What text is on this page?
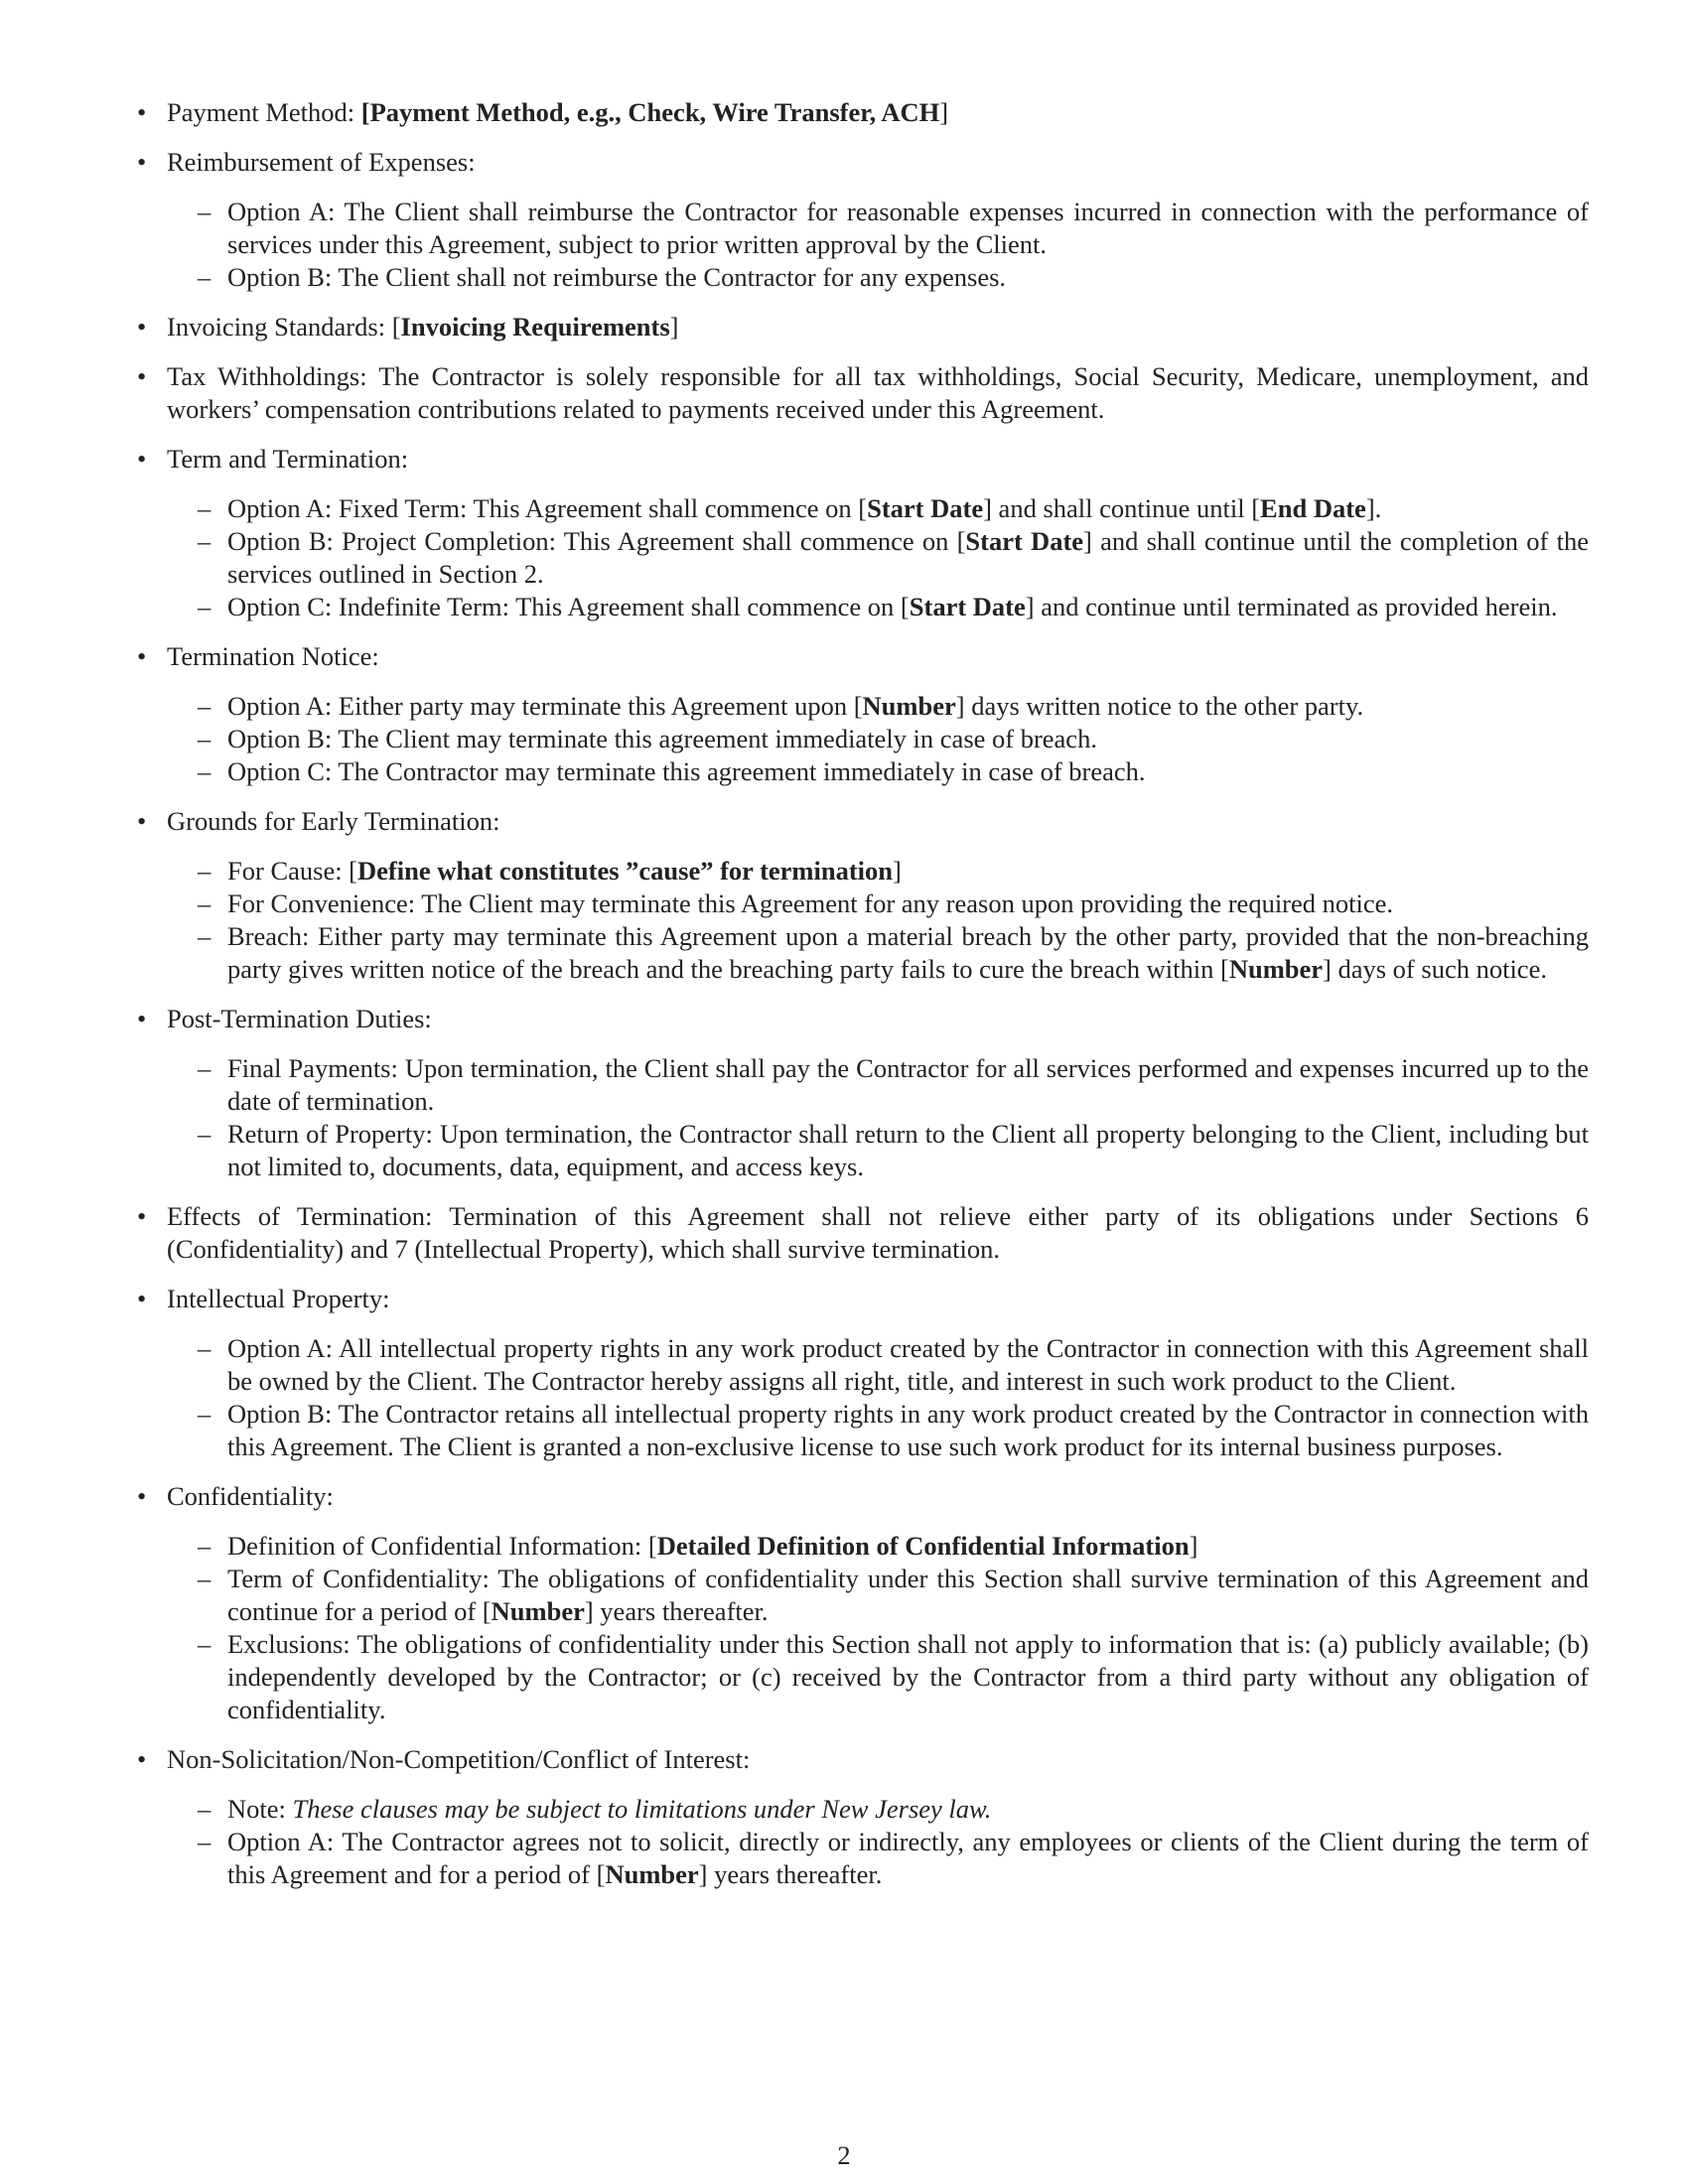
• Payment Method: [Payment Method, e.g., Check, Wire Transfer, ACH]
• Reimbursement of Expenses:
– Option A: The Client shall reimburse the Contractor for reasonable expenses incurred in connection with the performance of services under this Agreement, subject to prior written approval by the Client.
– Option B: The Client shall not reimburse the Contractor for any expenses.
• Invoicing Standards: [Invoicing Requirements]
• Tax Withholdings: The Contractor is solely responsible for all tax withholdings, Social Security, Medicare, unemployment, and workers’ compensation contributions related to payments received under this Agreement.
• Term and Termination:
– Option A: Fixed Term: This Agreement shall commence on [Start Date] and shall continue until [End Date].
– Option B: Project Completion: This Agreement shall commence on [Start Date] and shall continue until the completion of the services outlined in Section 2.
– Option C: Indefinite Term: This Agreement shall commence on [Start Date] and continue until terminated as provided herein.
• Termination Notice:
– Option A: Either party may terminate this Agreement upon [Number] days written notice to the other party.
– Option B: The Client may terminate this agreement immediately in case of breach.
– Option C: The Contractor may terminate this agreement immediately in case of breach.
• Grounds for Early Termination:
– For Cause: [Define what constitutes ”cause” for termination]
– For Convenience: The Client may terminate this Agreement for any reason upon providing the required notice.
– Breach: Either party may terminate this Agreement upon a material breach by the other party, provided that the non-breaching party gives written notice of the breach and the breaching party fails to cure the breach within [Number] days of such notice.
• Post-Termination Duties:
– Final Payments: Upon termination, the Client shall pay the Contractor for all services performed and expenses incurred up to the date of termination.
– Return of Property: Upon termination, the Contractor shall return to the Client all property belonging to the Client, including but not limited to, documents, data, equipment, and access keys.
• Effects of Termination: Termination of this Agreement shall not relieve either party of its obligations under Sections 6 (Confidentiality) and 7 (Intellectual Property), which shall survive termination.
• Intellectual Property:
– Option A: All intellectual property rights in any work product created by the Contractor in connection with this Agreement shall be owned by the Client. The Contractor hereby assigns all right, title, and interest in such work product to the Client.
– Option B: The Contractor retains all intellectual property rights in any work product created by the Contractor in connection with this Agreement. The Client is granted a non-exclusive license to use such work product for its internal business purposes.
• Confidentiality:
– Definition of Confidential Information: [Detailed Definition of Confidential Information]
– Term of Confidentiality: The obligations of confidentiality under this Section shall survive termination of this Agreement and continue for a period of [Number] years thereafter.
– Exclusions: The obligations of confidentiality under this Section shall not apply to information that is: (a) publicly available; (b) independently developed by the Contractor; or (c) received by the Contractor from a third party without any obligation of confidentiality.
• Non-Solicitation/Non-Competition/Conflict of Interest:
– Note: These clauses may be subject to limitations under New Jersey law.
– Option A: The Contractor agrees not to solicit, directly or indirectly, any employees or clients of the Client during the term of this Agreement and for a period of [Number] years thereafter.
2
